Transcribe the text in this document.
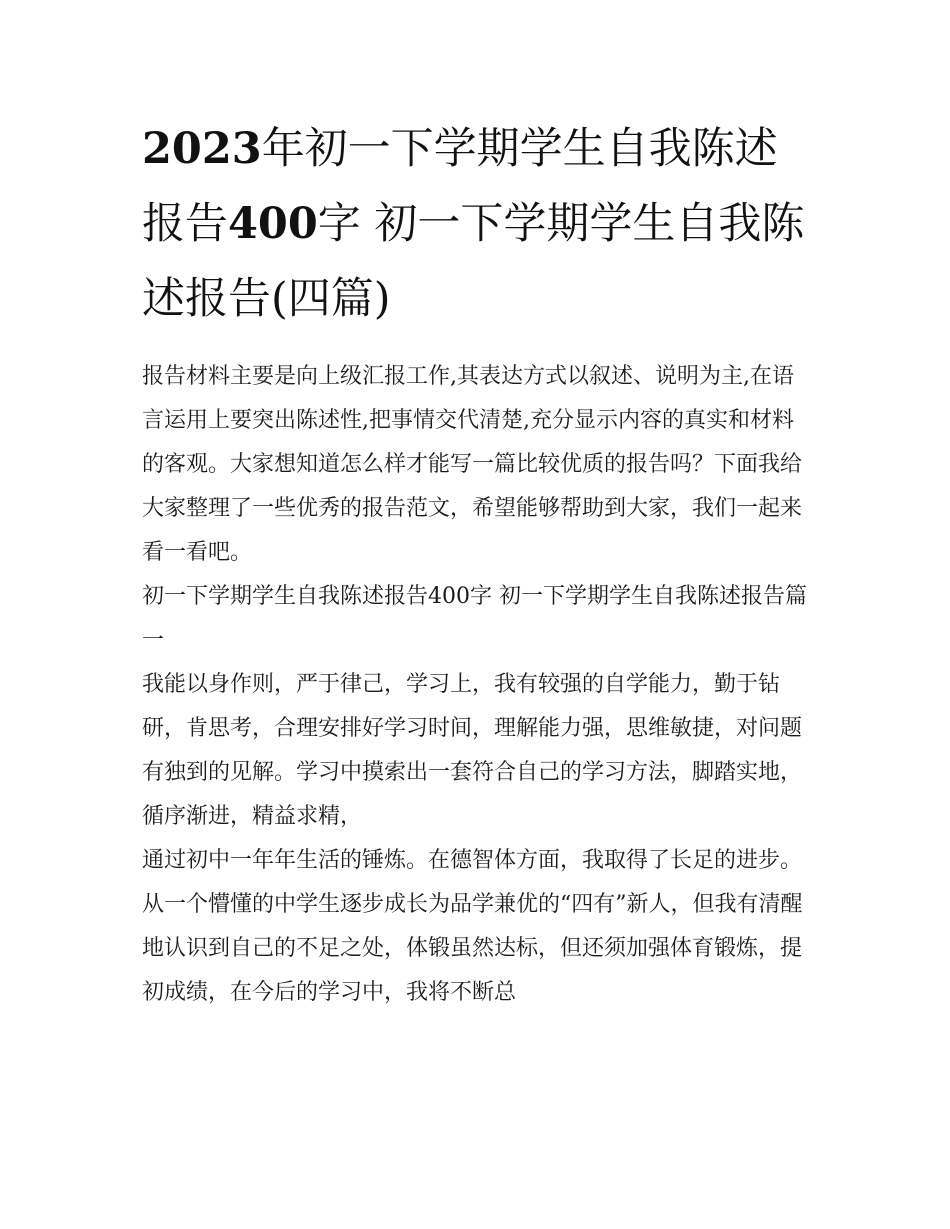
2023年初一下学期学生自我陈述报告400字 初一下学期学生自我陈述报告(四篇)

报告材料主要是向上级汇报工作,其表达方式以叙述、说明为主,在语言运用上要突出陈述性,把事情交代清楚,充分显示内容的真实和材料的客观。大家想知道怎么样才能写一篇比较优质的报告吗？下面我给大家整理了一些优秀的报告范文，希望能够帮助到大家，我们一起来看一看吧。

初一下学期学生自我陈述报告400字 初一下学期学生自我陈述报告篇一

我能以身作则，严于律己，学习上，我有较强的自学能力，勤于钻研，肯思考，合理安排好学习时间，理解能力强，思维敏捷，对问题有独到的见解。学习中摸索出一套符合自己的学习方法，脚踏实地，循序渐进，精益求精，

通过初中一年年生活的锤炼。在德智体方面，我取得了长足的进步。从一个懵懂的中学生逐步成长为品学兼优的“四有”新人，但我有清醒地认识到自己的不足之处，体锻虽然达标，但还须加强体育锻炼，提初成绩，在今后的学习中，我将不断总
